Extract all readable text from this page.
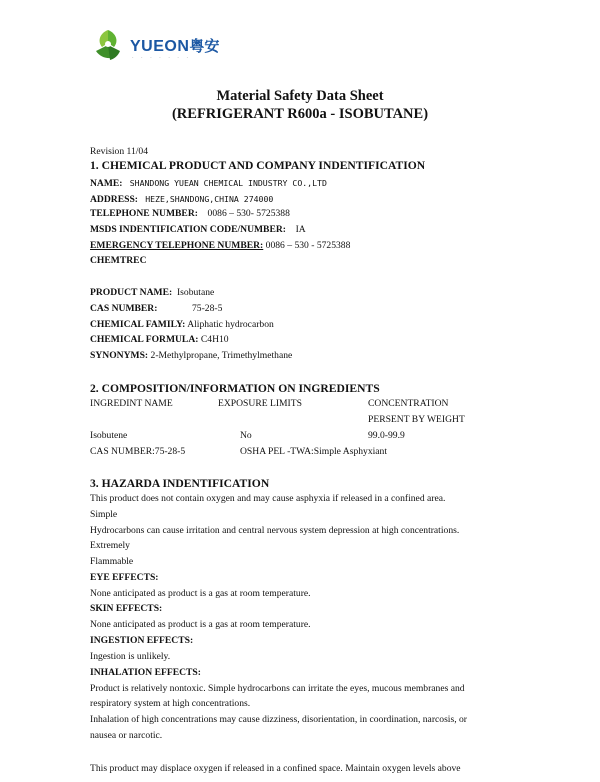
YUEON粤安
· · · · · · ·
Material Safety Data Sheet
(REFRIGERANT R600a - ISOBUTANE)
Revision 11/04
1. CHEMICAL PRODUCT AND COMPANY INDENTIFICATION
NAME: SHANDONG YUEAN CHEMICAL INDUSTRY CO.,LTD
ADDRESS: HEZE,SHANDONG,CHINA 274000
TELEPHONE NUMBER: 0086 – 530- 5725388
MSDS INDENTIFICATION CODE/NUMBER: IA
EMERGENCY TELEPHONE NUMBER: 0086 – 530 - 5725388
CHEMTREC
PRODUCT NAME: Isobutane
CAS NUMBER:	75-28-5
CHEMICAL FAMILY: Aliphatic hydrocarbon
CHEMICAL FORMULA: C4H10
SYNONYMS: 2-Methylpropane, Trimethylmethane
2. COMPOSITION/INFORMATION ON INGREDIENTS
INGREDINT NAME	EXPOSURE LIMITS	CONCENTRATION
PERSENT BY WEIGHT
Isobutene	No	99.0-99.9
CAS NUMBER:75-28-5	OSHA PEL -TWA:Simple Asphyxiant
3. HAZARDA INDENTIFICATION
This product does not contain oxygen and may cause asphyxia if released in a confined area.
Simple
Hydrocarbons can cause irritation and central nervous system depression at high concentrations.
Extremely
Flammable
EYE EFFECTS:
None anticipated as product is a gas at room temperature.
SKIN EFFECTS:
None anticipated as product is a gas at room temperature.
INGESTION EFFECTS:
Ingestion is unlikely.
INHALATION EFFECTS:
Product is relatively nontoxic. Simple hydrocarbons can irritate the eyes, mucous membranes and
respiratory system at high concentrations.
Inhalation of high concentrations may cause dizziness, disorientation, in coordination, narcosis, or
nausea or narcotic.
This product may displace oxygen if released in a confined space. Maintain oxygen levels above
